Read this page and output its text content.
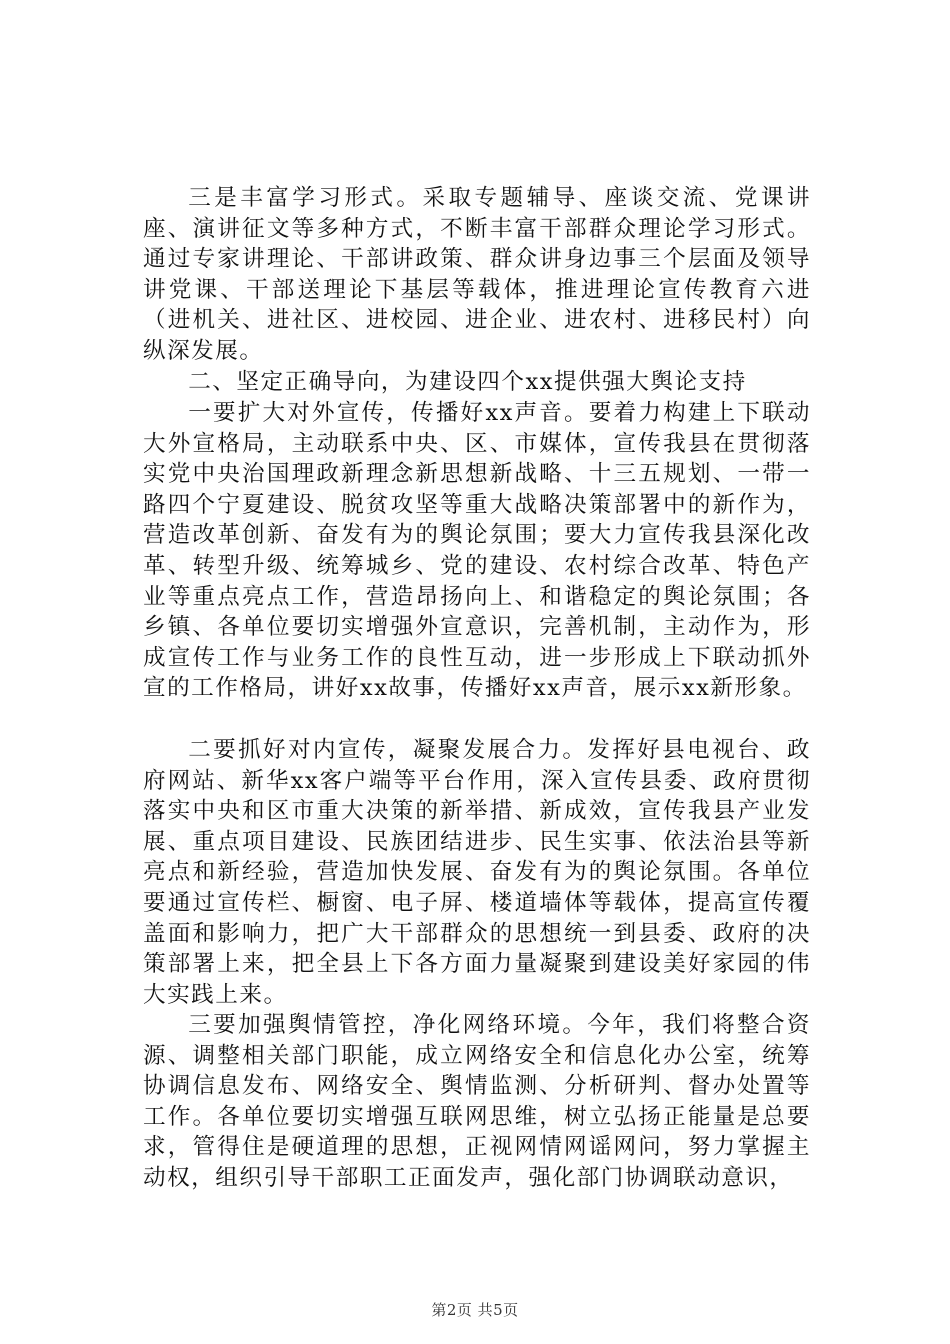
三是丰富学习形式。采取专题辅导、座谈交流、党课讲座、演讲征文等多种方式，不断丰富干部群众理论学习形式。通过专家讲理论、干部讲政策、群众讲身边事三个层面及领导讲党课、干部送理论下基层等载体，推进理论宣传教育六进（进机关、进社区、进校园、进企业、进农村、进移民村）向纵深发展。

二、坚定正确导向，为建设四个xx提供强大舆论支持

一要扩大对外宣传，传播好xx声音。要着力构建上下联动大外宣格局，主动联系中央、区、市媒体，宣传我县在贯彻落实党中央治国理政新理念新思想新战略、十三五规划、一带一路四个宁夏建设、脱贫攻坚等重大战略决策部署中的新作为，营造改革创新、奋发有为的舆论氛围；要大力宣传我县深化改革、转型升级、统筹城乡、党的建设、农村综合改革、特色产业等重点亮点工作，营造昂扬向上、和谐稳定的舆论氛围；各乡镇、各单位要切实增强外宣意识，完善机制，主动作为，形成宣传工作与业务工作的良性互动，进一步形成上下联动抓外宣的工作格局，讲好xx故事，传播好xx声音，展示xx新形象。

二要抓好对内宣传，凝聚发展合力。发挥好县电视台、政府网站、新华xx客户端等平台作用，深入宣传县委、政府贯彻落实中央和区市重大决策的新举措、新成效，宣传我县产业发展、重点项目建设、民族团结进步、民生实事、依法治县等新亮点和新经验，营造加快发展、奋发有为的舆论氛围。各单位要通过宣传栏、橱窗、电子屏、楼道墙体等载体，提高宣传覆盖面和影响力，把广大干部群众的思想统一到县委、政府的决策部署上来，把全县上下各方面力量凝聚到建设美好家园的伟大实践上来。

三要加强舆情管控，净化网络环境。今年，我们将整合资源、调整相关部门职能，成立网络安全和信息化办公室，统筹协调信息发布、网络安全、舆情监测、分析研判、督办处置等工作。各单位要切实增强互联网思维，树立弘扬正能量是总要求，管得住是硬道理的思想，正视网情网谣网问，努力掌握主动权，组织引导干部职工正面发声，强化部门协调联动意识，

第2页 共5页
